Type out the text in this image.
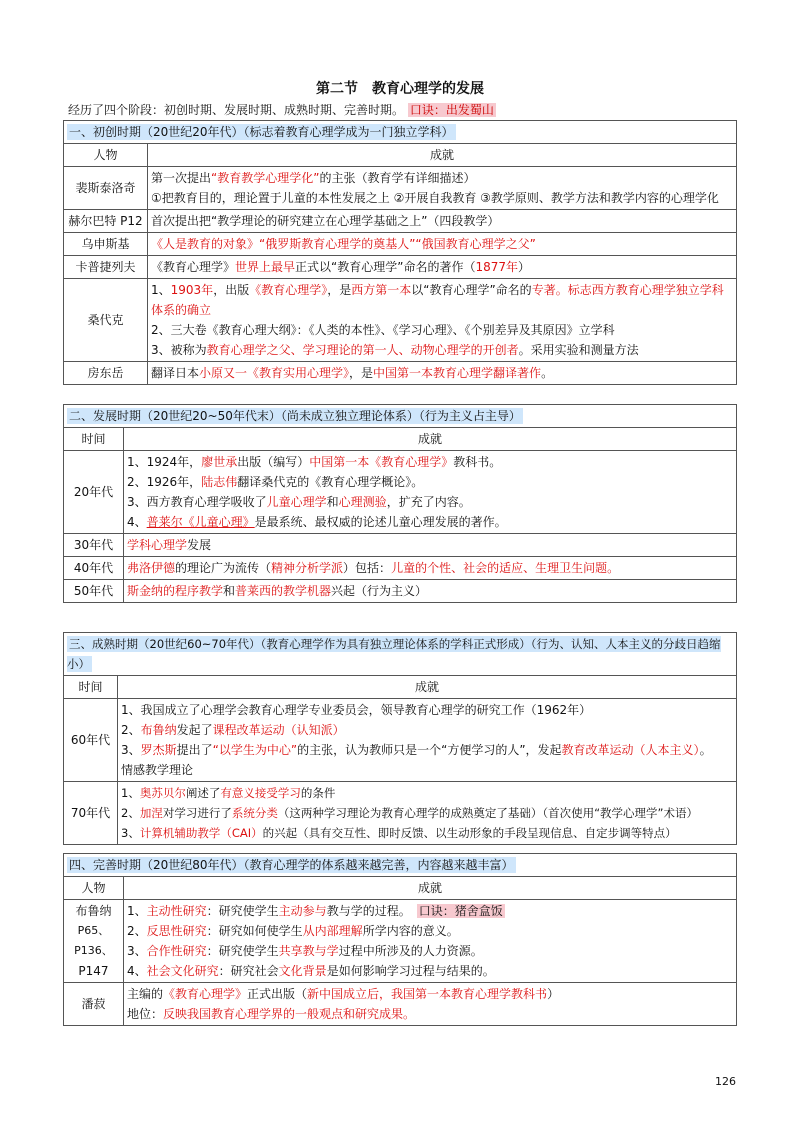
第二节　教育心理学的发展
经历了四个阶段：初创时期、发展时期、成熟时期、完善时期。 口诀：出发蜀山
一、初创时期（20世纪20年代）（标志着教育心理学成为一门独立学科）	
人物	成就
裴斯泰洛奇	第一次提出“教育教学心理学化”的主张（教育学有详细描述）
①把教育目的，理论置于儿童的本性发展之上 ②开展自我教育 ③教学原则、教学方法和教学内容的心理学化

赫尔巴特 P12	首次提出把“教学理论的研究建立在心理学基础之上”（四段教学）
乌申斯基	《人是教育的对象》“俄罗斯教育心理学的奠基人”“俄国教育心理学之父”
卡普捷列夫	《教育心理学》世界上最早正式以“教育心理学”命名的著作（1877年）
桑代克	1、1903年，出版《教育心理学》，是西方第一本以“教育心理学”命名的专著。标志西方教育心理学独立学科体系的确立
2、三大卷《教育心理大纲》：《人类的本性》、《学习心理》、《个别差异及其原因》立学科
3、被称为教育心理学之父、学习理论的第一人、动物心理学的开创者。采用实验和测量方法

房东岳	翻译日本小原又一《教育实用心理学》，是中国第一本教育心理学翻译著作。
二、发展时期（20世纪20~50年代末）（尚未成立独立理论体系）（行为主义占主导）	
时间	成就
20年代	1、1924年，廖世承出版（编写）中国第一本《教育心理学》教科书。
2、1926年，陆志伟翻译桑代克的《教育心理学概论》。
3、西方教育心理学吸收了儿童心理学和心理测验，扩充了内容。
4、普莱尔《儿童心理》是最系统、最权威的论述儿童心理发展的著作。

30年代	学科心理学发展
40年代	弗洛伊德的理论广为流传（精神分析学派）包括：儿童的个性、社会的适应、生理卫生问题。
50年代	斯金纳的程序教学和普莱西的教学机器兴起（行为主义）
三、成熟时期（20世纪60~70年代）（教育心理学作为具有独立理论体系的学科正式形成）（行为、认知、人本主义的分歧日趋缩小）	
时间	成就
60年代	1、我国成立了心理学会教育心理学专业委员会，领导教育心理学的研究工作（1962年）
2、布鲁纳发起了课程改革运动（认知派）
3、罗杰斯提出了“以学生为中心”的主张，认为教师只是一个“方便学习的人”，发起教育改革运动（人本主义）。
情感教学理论

70年代	1、奥苏贝尔阐述了有意义接受学习的条件
2、加涅对学习进行了系统分类（这两种学习理论为教育心理学的成熟奠定了基础）（首次使用“教学心理学”术语）
3、计算机辅助教学（CAI）的兴起（具有交互性、即时反馈、以生动形象的手段呈现信息、自定步调等特点）
四、完善时期（20世纪80年代）（教育心理学的体系越来越完善，内容越来越丰富）	
人物	成就

布鲁纳
P65、P136、
P147	1、主动性研究：研究使学生主动参与教与学的过程。　 口诀：猪舍盒饭
2、反思性研究：研究如何使学生从内部理解所学内容的意义。
3、合作性研究：研究使学生共享教与学过程中所涉及的人力资源。
4、社会文化研究：研究社会文化背景是如何影响学习过程与结果的。

潘菽	主编的《教育心理学》正式出版（新中国成立后，我国第一本教育心理学教科书）
地位：反映我国教育心理学界的一般观点和研究成果。
126
